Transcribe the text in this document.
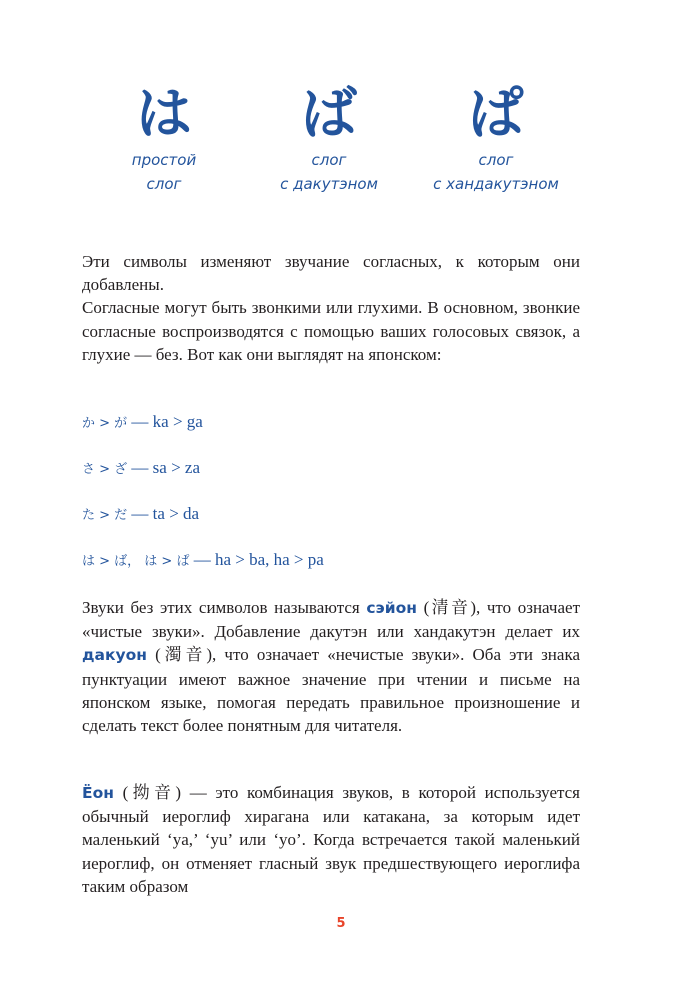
は
простой
слог
ば
слог
с дакутэном
ぱ
слог
с хандакутэном

Эти символы изменяют звучание согласных, к которым они добавлены.
Согласные могут быть звонкими или глухими. В основном, звонкие согласные воспроизводятся с помощью ваших голосовых связок, а глухие — без. Вот как они выглядят на японском:

か > が — ka > ga
さ > ざ — sa > za
た > だ — ta > da
は > ば， は > ぱ — ha > ba, ha > pa

Звуки без этих символов называются сэйон (清音), что означает «чистые звуки». Добавление дакутэн или хандакутэн делает их дакуон (濁音), что означает «нечистые звуки». Оба эти знака пунктуации имеют важное значение при чтении и письме на японском языке, помогая передать правильное произношение и сделать текст более понятным для читателя.

Ёон (拗音) — это комбинация звуков, в которой используется обычный иероглиф хирагана или катакана, за которым идет маленький ‘ya,’ ‘yu’ или ‘yo’. Когда встречается такой маленький иероглиф, он отменяет гласный звук предшествующего иероглифа таким образом

5
